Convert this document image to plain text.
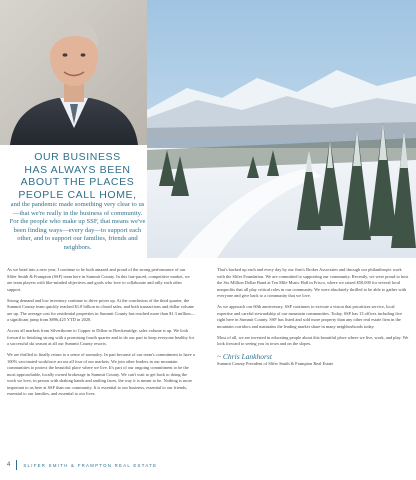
OUR BUSINESS
HAS ALWAYS BEEN
ABOUT THE PLACES
PEOPLE CALL HOME,
and the pandemic made something very clear to us—that we're really in the business of community. For the people who make up SSF, that means we've been finding ways—every day—to support each other, and to support our families, friends and neighbors.

As we head into a new year, I continue to be both amazed and proud of the strong performance of our Slifer Smith & Frampton (SSF) team here in Summit County. In this fast-paced, competitive market, we are team players with like-minded objectives and goals who love to collaborate and rally each other support.

Strong demand and low inventory continue to drive prices up. At the conclusion of the third quarter, the Summit County team quickly reached $1.8 billion in closed sales, and both transactions and dollar volume are up. The average cost for residential properties in Summit County has reached more than $1.3 million—a significant jump from $896,425 YTD in 2020.

Across all markets from Silverthorne to Copper to Dillon to Breckenridge, sales volume is up. We look forward to finishing strong with a promising fourth quarter and to do our part to keep everyone healthy for a successful ski season at all our Summit County resorts.

We are thrilled to finally return to a sense of normalcy. In part because of our team's commitment to have a 100% vaccinated workforce across all four of our markets. We join other leaders in our mountain communities to protect the beautiful place where we live. It's part of our ongoing commitment to be the most approachable, locally owned brokerage in Summit County. We can't wait to get back to doing the work we love, in person with shaking hands and smiling faces, the way it is meant to be. Nothing is more important to us here at SSF than our community. It is essential to our business, essential to our friends, essential to our families, and essential to our lives.

That's backed up each and every day by our firm's Broker Associates and through our philanthropic work with the Slifer Foundation. We are committed to supporting our community. Recently, we were proud to host the Six Million Dollar Band at Ten Mile Music Hall in Frisco, where we raised $50,000 for several local nonprofits that all play critical roles in our community. We were absolutely thrilled to be able to gather with everyone and give back to a community that we love.

As we approach our 60th anniversary, SSF continues to execute a vision that prioritizes service, local expertise and careful stewardship of our mountain communities. Today, SSF has 13 offices including five right here in Summit County. SSF has listed and sold more property than any other real estate firm in the mountain corridors and maintains the leading market share in many neighborhoods today.

Most of all, we are invested in educating people about this beautiful place where we live, work, and play. We look forward to seeing you in town and on the slopes.

~ Chris Lankhorst
Summit County President of Slifer Smith & Frampton Real Estate
4	SLIFER SMITH & FRAMPTON REAL ESTATE
